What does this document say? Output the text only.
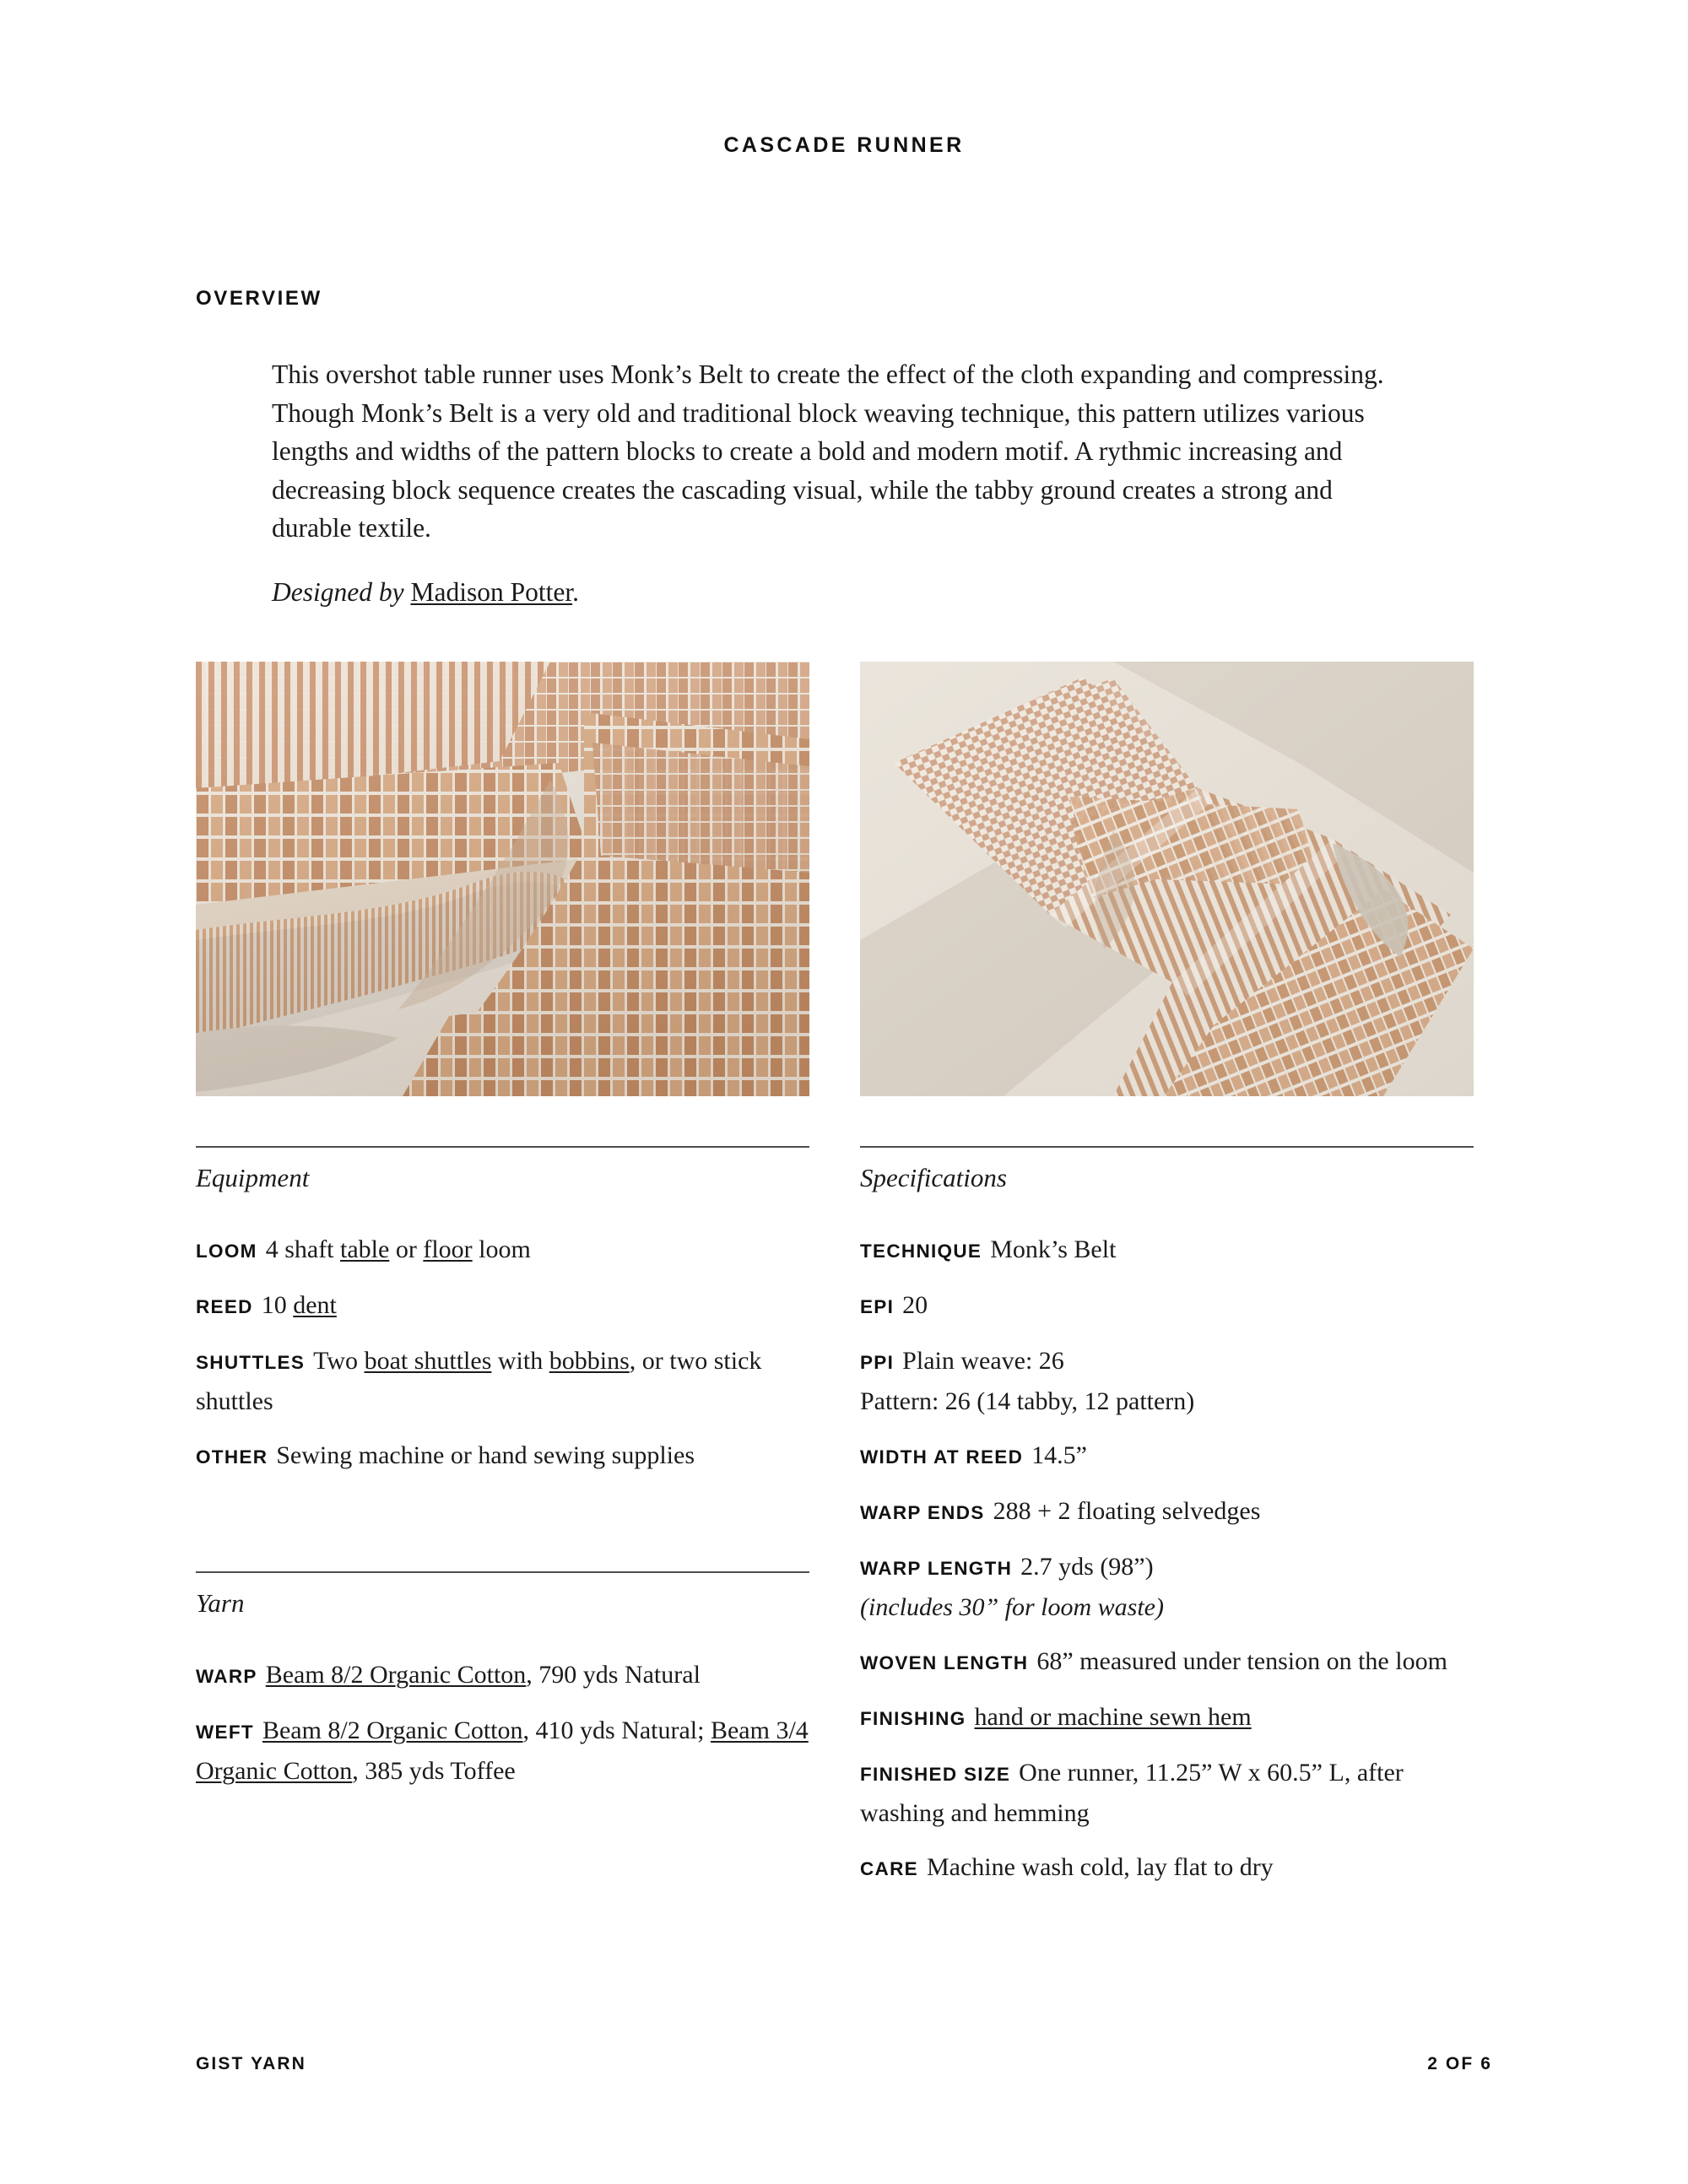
CASCADE RUNNER
OVERVIEW
This overshot table runner uses Monk’s Belt to create the effect of the cloth expanding and compressing. Though Monk’s Belt is a very old and traditional block weaving technique, this pattern utilizes various lengths and widths of the pattern blocks to create a bold and modern motif. A rythmic increasing and decreasing block sequence creates the cascading visual, while the tabby ground creates a strong and durable textile.
Designed by Madison Potter.
Equipment
LOOM 4 shaft table or floor loom
REED 10 dent
SHUTTLES Two boat shuttles with bobbins, or two stick shuttles
OTHER Sewing machine or hand sewing supplies
Yarn
WARP Beam 8/2 Organic Cotton, 790 yds Natural
WEFT Beam 8/2 Organic Cotton, 410 yds Natural; Beam 3/4 Organic Cotton, 385 yds Toffee
Specifications
TECHNIQUE Monk’s Belt
EPI 20
PPI Plain weave: 26
Pattern: 26 (14 tabby, 12 pattern)
WIDTH AT REED 14.5”
WARP ENDS 288 + 2 floating selvedges
WARP LENGTH 2.7 yds (98”)
(includes 30” for loom waste)
WOVEN LENGTH 68” measured under tension on the loom
FINISHING hand or machine sewn hem
FINISHED SIZE One runner, 11.25” W x 60.5” L, after washing and hemming
CARE Machine wash cold, lay flat to dry
GIST YARN	2 OF 6
